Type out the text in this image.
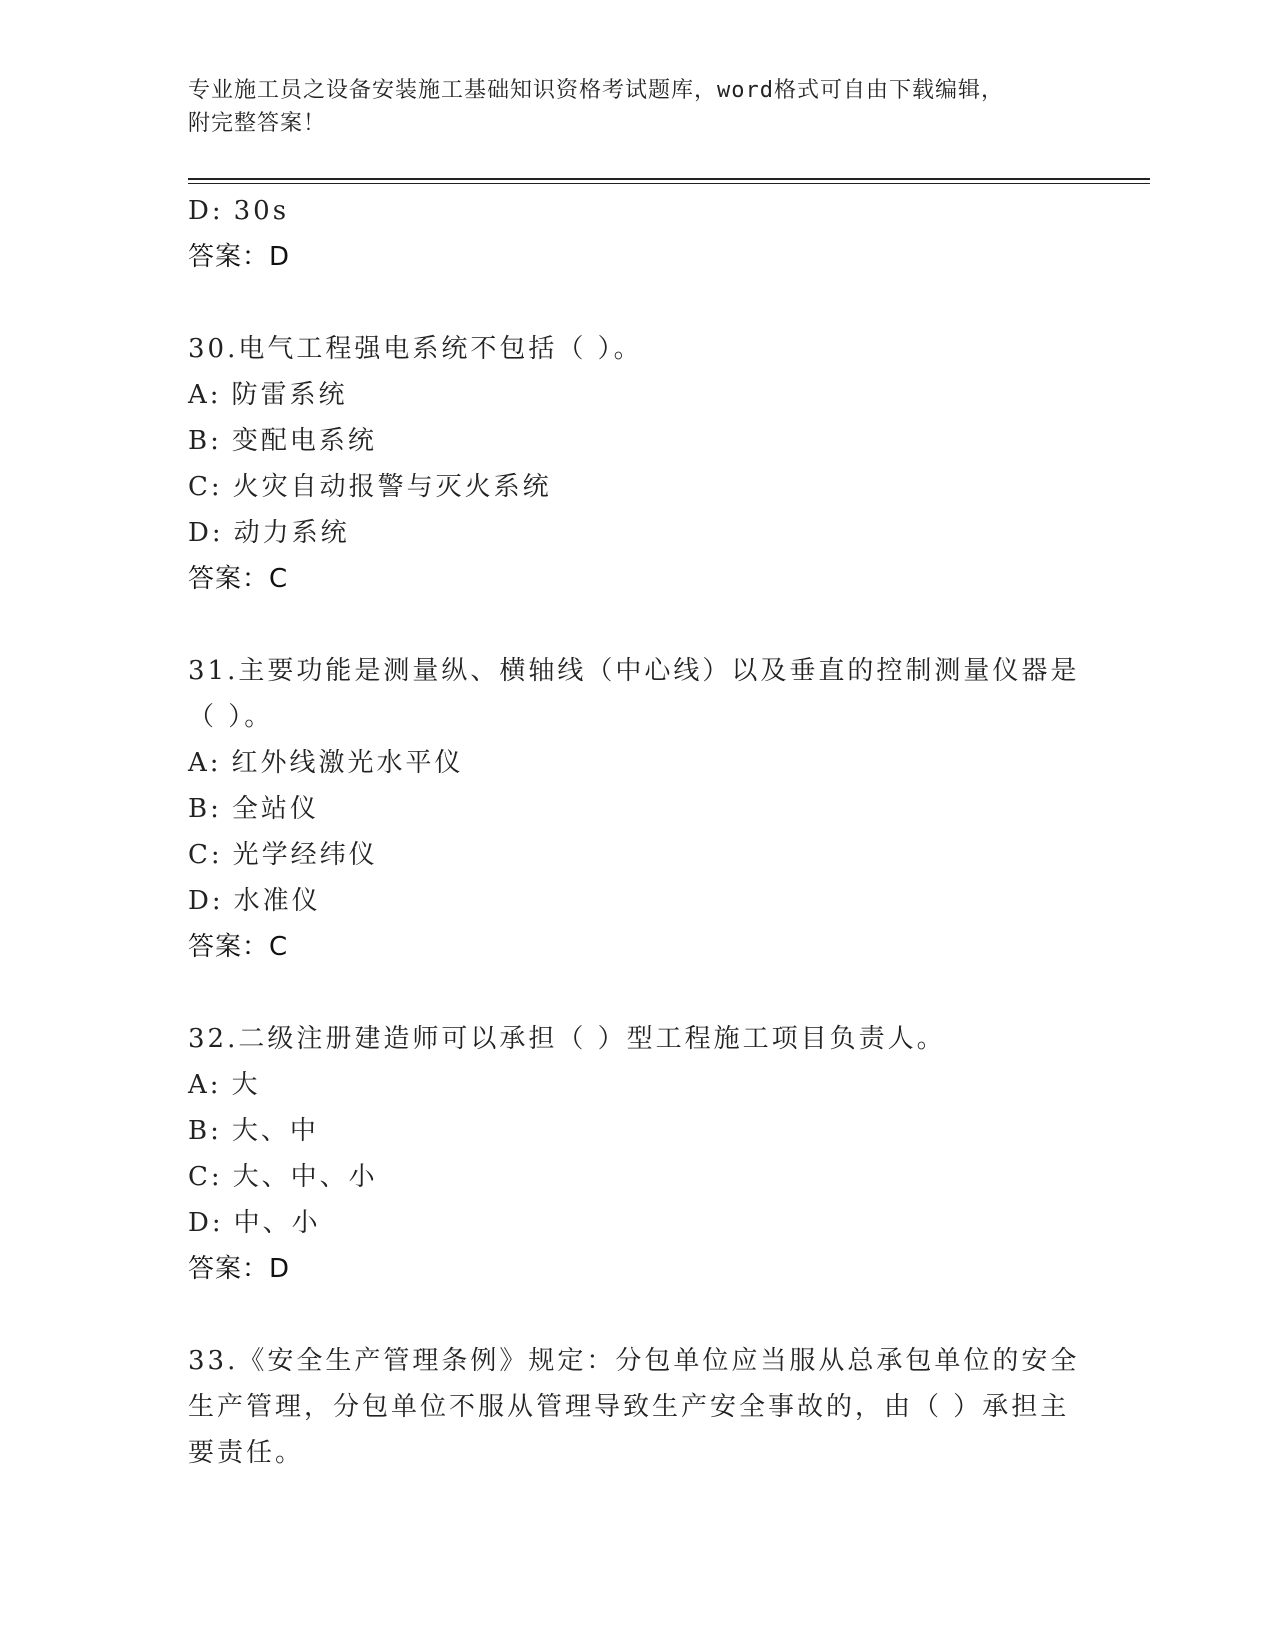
专业施工员之设备安装施工基础知识资格考试题库，word格式可自由下载编辑，
附完整答案！
D: 30s
答案：D
30.电气工程强电系统不包括（ ）。
A: 防雷系统
B: 变配电系统
C: 火灾自动报警与灭火系统
D: 动力系统
答案：C
31.主要功能是测量纵、横轴线（中心线）以及垂直的控制测量仪器是
（ ）。
A: 红外线激光水平仪
B: 全站仪
C: 光学经纬仪
D: 水准仪
答案：C
32.二级注册建造师可以承担（ ）型工程施工项目负责人。
A: 大
B: 大、中
C: 大、中、小
D: 中、小
答案：D
33.《安全生产管理条例》规定：分包单位应当服从总承包单位的安全
生产管理，分包单位不服从管理导致生产安全事故的，由（ ）承担主
要责任。
